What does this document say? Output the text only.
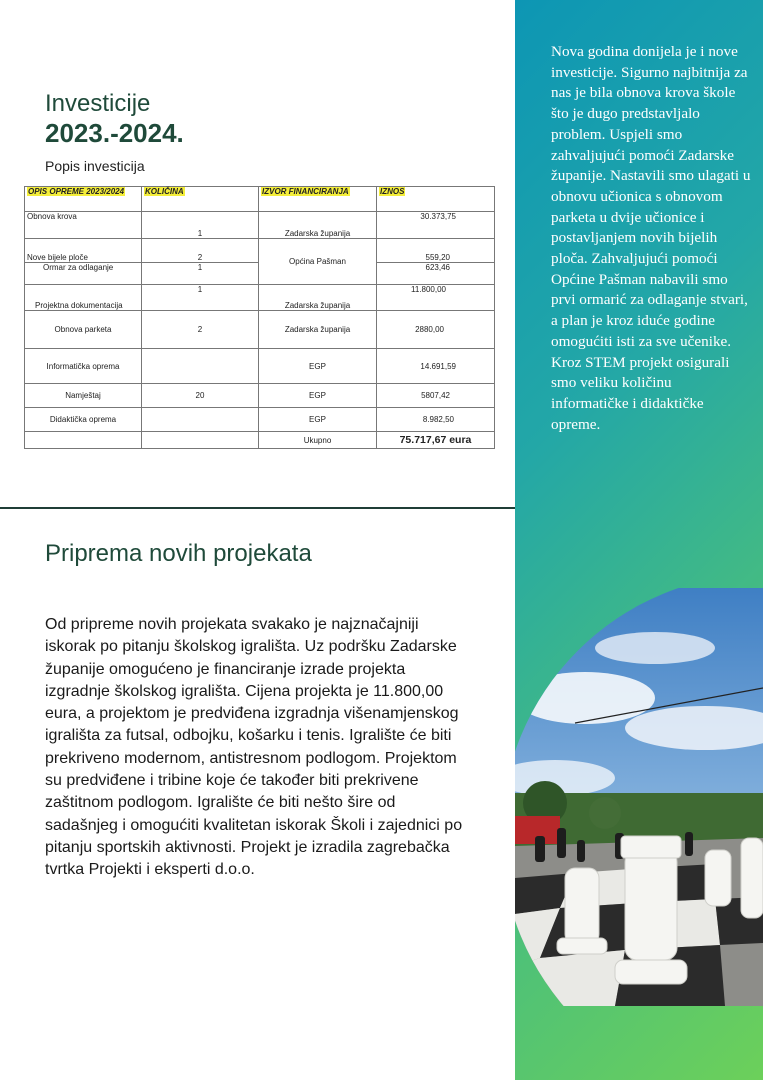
Nova godina donijela je i nove investicije. Sigurno najbitnija za nas je bila obnova krova škole što je dugo predstavljalo problem. Uspjeli smo zahvaljujući pomoći Zadarske županije. Nastavili smo ulagati u obnovu učionica s obnovom parketa u dvije učionice i postavljanjem novih bijelih ploča. Zahvaljujući pomoći Općine Pašman nabavili smo prvi ormarić za odlaganje stvari, a plan je kroz iduće godine omogućiti isti za sve učenike. Kroz STEM projekt osigurali smo veliku količinu informatičke i didaktičke opreme.
Investicije
2023.-2024.
Popis investicija
OPIS OPREME 2023/2024	KOLIČINA	IZVOR FINANCIRANJA	IZNOS
Obnova krova	1	Zadarska županija	30.373,75
Nove bijele ploče	2	Općina Pašman	559,20
Ormar za odlaganje	1		623,46
Projektna dokumentacija	1	Zadarska županija	11.800,00
Obnova parketa	2	Zadarska županija	2880,00
Informatička oprema		EGP	14.691,59
Namještaj	20	EGP	5807,42
Didaktička oprema		EGP	8.982,50
		Ukupno	75.717,67 eura
Priprema novih projekata
Od pripreme novih projekata svakako je najznačajniji iskorak po pitanju školskog igrališta. Uz podršku Zadarske županije omogućeno je financiranje izrade projekta izgradnje školskog igrališta. Cijena projekta je 11.800,00 eura, a projektom je predviđena izgradnja višenamjenskog igrališta za futsal, odbojku, košarku i tenis. Igralište će biti prekriveno modernom, antistresnom podlogom. Projektom su predviđene i tribine koje će također biti prekrivene zaštitnom podlogom. Igralište će biti nešto šire od sadašnjeg i omogućiti kvalitetan iskorak Školi i zajednici po pitanju sportskih aktivnosti. Projekt je izradila zagrebačka tvrtka Projekti i eksperti d.o.o.
